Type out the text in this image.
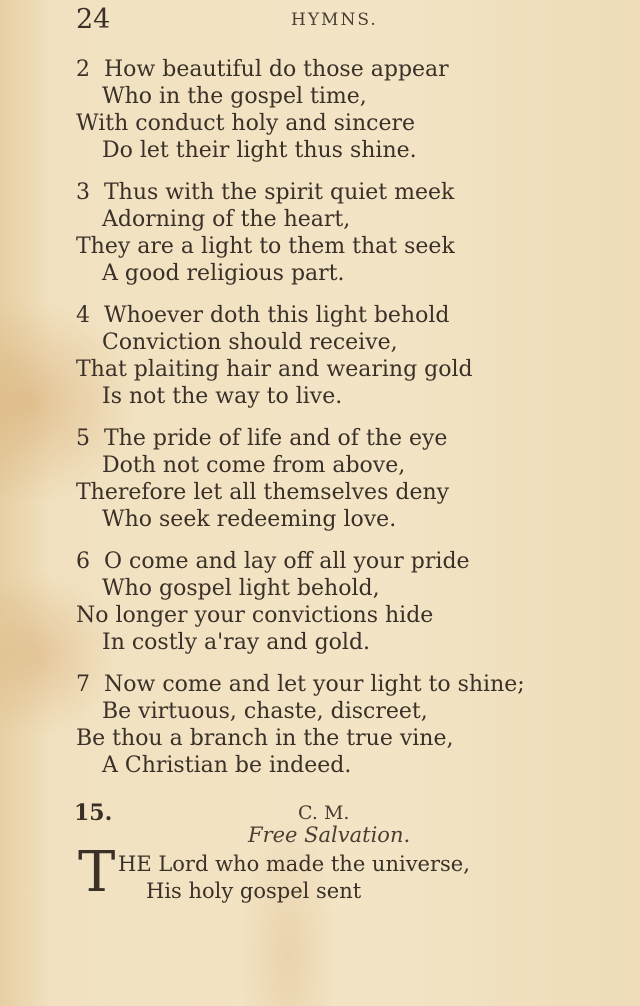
24	HYMNS.
2 How beautiful do those appear
Who in the gospel time,
With conduct holy and sincere
Do let their light thus shine.
3 Thus with the spirit quiet meek
Adorning of the heart,
They are a light to them that seek
A good religious part.
4 Whoever doth this light behold
Conviction should receive,
That plaiting hair and wearing gold
Is not the way to live.
5 The pride of life and of the eye
Doth not come from above,
Therefore let all themselves deny
Who seek redeeming love.
6 O come and lay off all your pride
Who gospel light behold,
No longer your convictions hide
In costly a'ray and gold.
7 Now come and let your light to shine;
Be virtuous, chaste, discreet,
Be thou a branch in the true vine,
A Christian be indeed.
15.	C. M.
Free Salvation.
T HE Lord who made the universe,
His holy gospel sent
